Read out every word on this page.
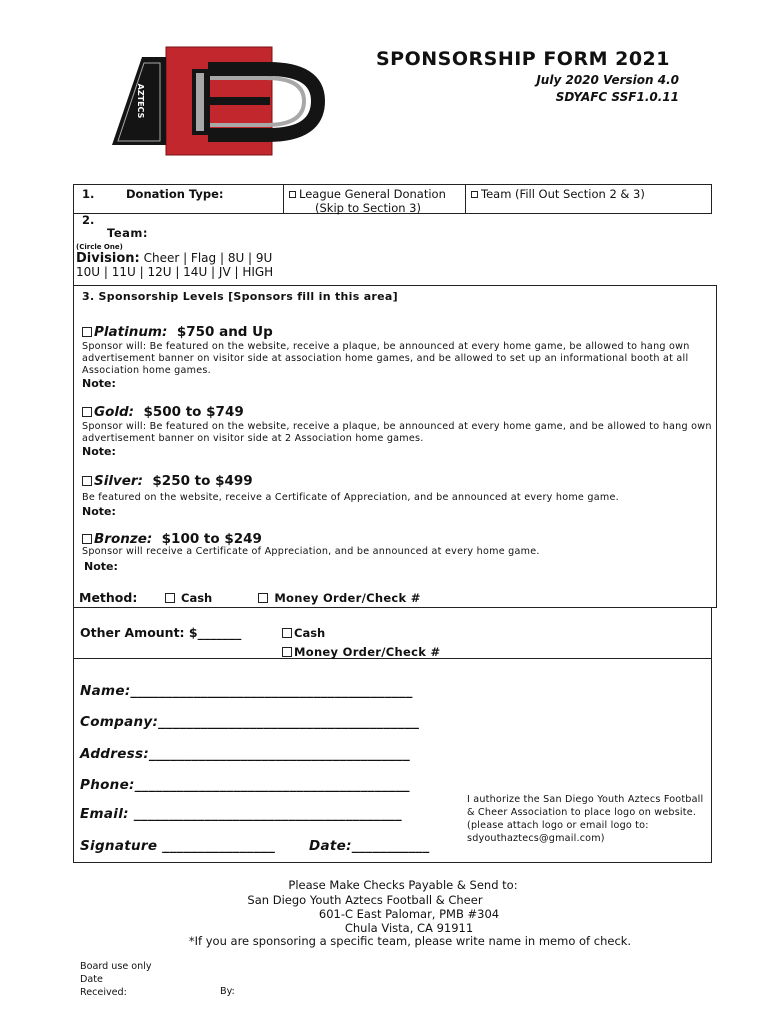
AZTECS
SPONSORSHIP FORM 2021
July 2020 Version 4.0
SDYAFC SSF1.0.11
1.	Donation Type:	League General Donation
(Skip to Section 3)
Team (Fill Out Section 2 & 3)
2.
Team:
(Circle One)
Division: Cheer | Flag | 8U | 9U
10U | 11U | 12U | 14U | JV | HIGH
3. Sponsorship Levels [Sponsors fill in this area]
Platinum: $750 and Up
Sponsor will: Be featured on the website, receive a plaque, be announced at every home game, be allowed to hang own
advertisement banner on visitor side at association home games, and be allowed to set up an informational booth at all
Association home games.
Note:
Gold: $500 to $749
Sponsor will: Be featured on the website, receive a plaque, be announced at every home game, and be allowed to hang own
advertisement banner on visitor side at 2 Association home games.
Note:
Silver: $250 to $499
Be featured on the website, receive a Certificate of Appreciation, and be announced at every home game.
Note:
Bronze: $100 to $249
Sponsor will receive a Certificate of Appreciation, and be announced at every home game.
Note:
Method:	Cash	Money Order/Check #
Other Amount: $_______	Cash
Money Order/Check #
Name:________________________________________
Company:_____________________________________
Address:_____________________________________
Phone:_______________________________________
Email: ______________________________________
Signature ________________	Date:___________
I authorize the San Diego Youth Aztecs Football
& Cheer Association to place logo on website.
(please attach logo or email logo to:
sdyouthaztecs@gmail.com)
Please Make Checks Payable & Send to:
San Diego Youth Aztecs Football & Cheer
601-C East Palomar, PMB #304
Chula Vista, CA 91911
*If you are sponsoring a specific team, please write name in memo of check.
Board use only
Date
Received:	By:
